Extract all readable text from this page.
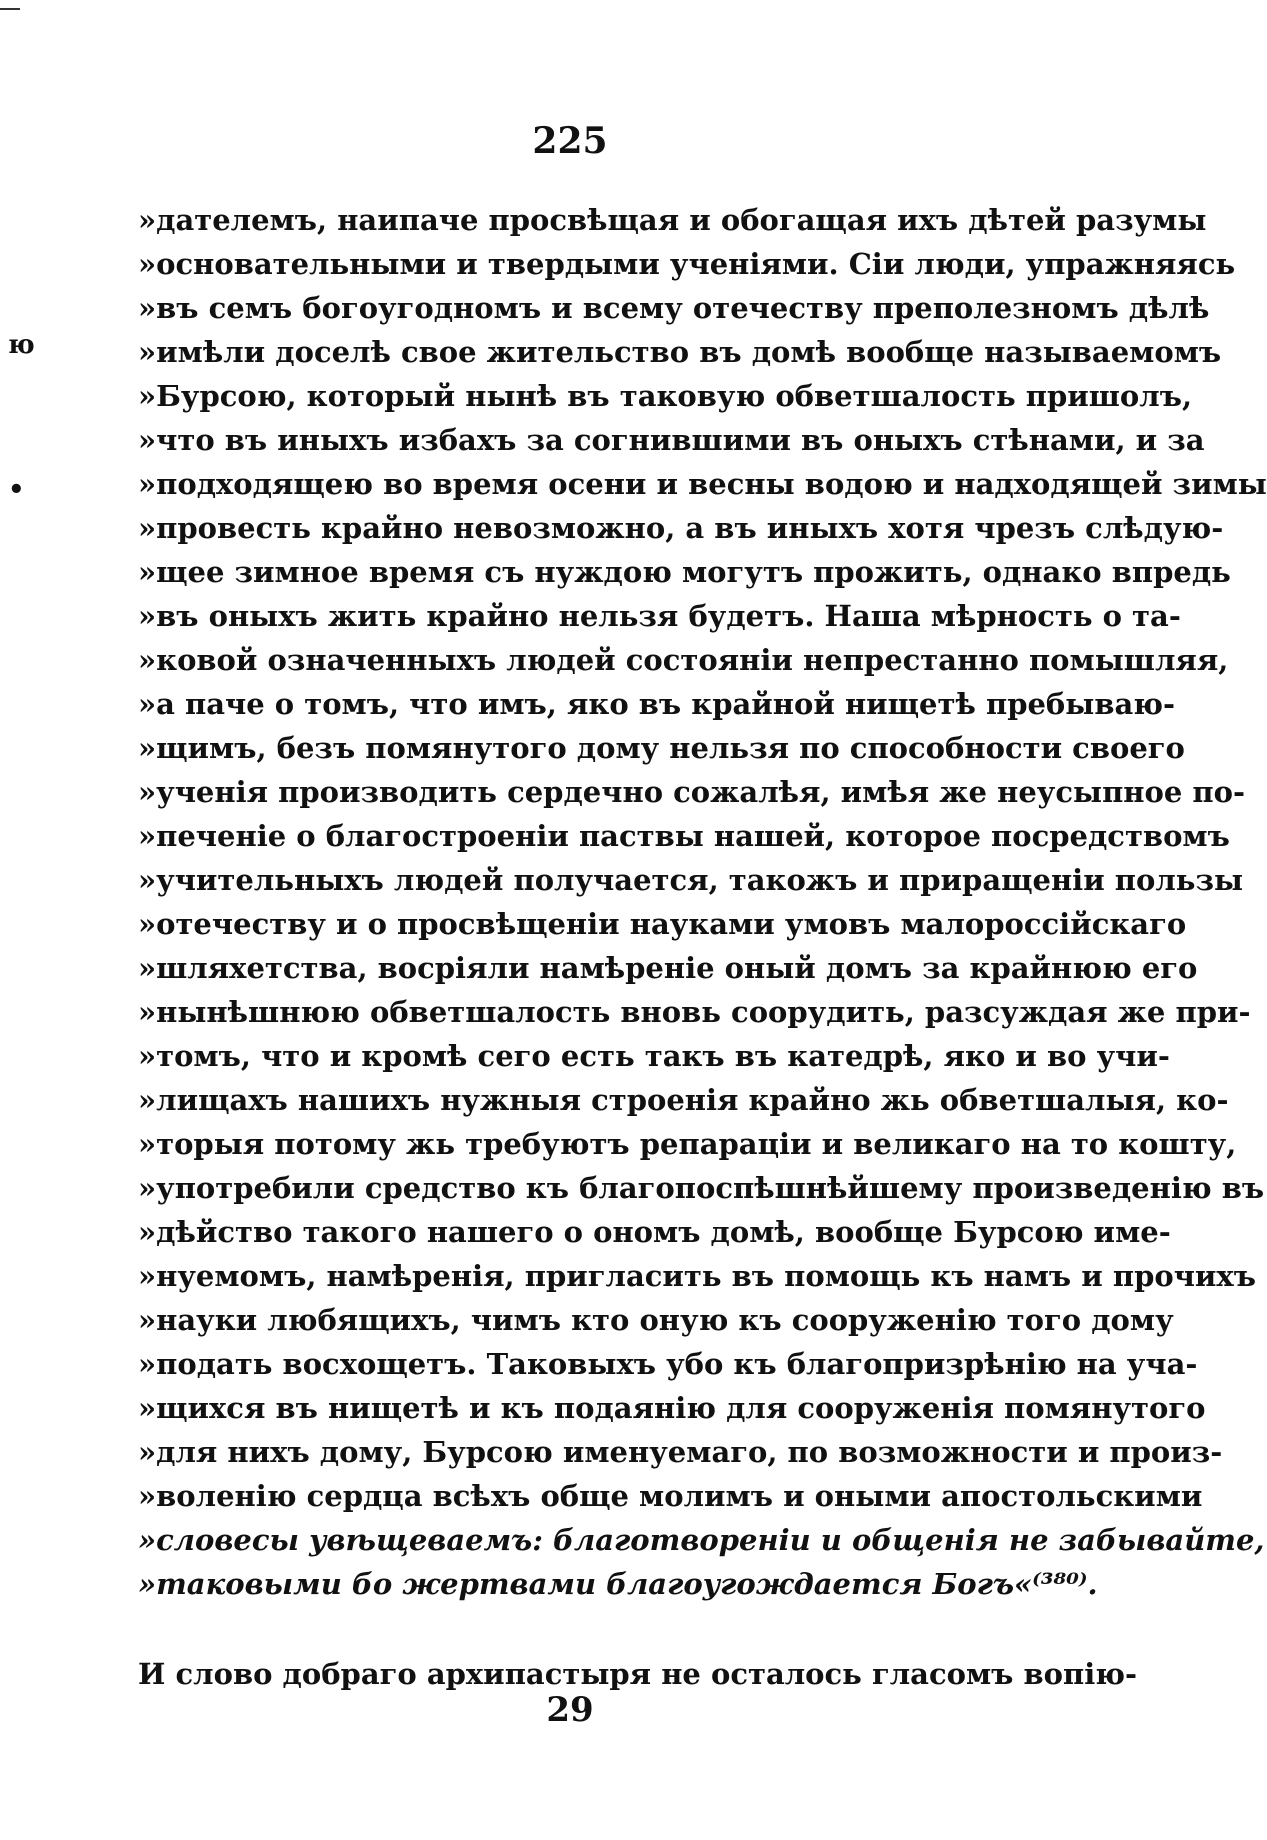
225
ю
•
»дателемъ, наипаче просвѣщая и обогащая ихъ дѣтей разумы
»основательными и твердыми ученіями. Сіи люди, упражняясь
»въ семъ богоугодномъ и всему отечеству преполезномъ дѣлѣ
»имѣли доселѣ свое жительство въ домѣ вообще называемомъ
»Бурсою, который нынѣ въ таковую обветшалость пришолъ,
»что въ иныхъ избахъ за согнившими въ оныхъ стѣнами, и за
»подходящею во время осени и весны водою и надходящей зимы
»провесть крайно невозможно, а въ иныхъ хотя чрезъ слѣдую-
»щее зимное время съ нуждою могутъ прожить, однако впредь
»въ оныхъ жить крайно нельзя будетъ. Наша мѣрность о та-
»ковой означенныхъ людей состояніи непрестанно помышляя,
»а паче о томъ, что имъ, яко въ крайной нищетѣ пребываю-
»щимъ, безъ помянутого дому нельзя по способности своего
»ученія производить сердечно сожалѣя, имѣя же неусыпное по-
»печеніе о благостроеніи паствы нашей, которое посредствомъ
»учительныхъ людей получается, такожъ и приращеніи пользы
»отечеству и о просвѣщеніи науками умовъ малороссійскаго
»шляхетства, восріяли намѣреніе оный домъ за крайнюю его
»нынѣшнюю обветшалость вновь соорудить, разсуждая же при-
»томъ, что и кромѣ сего есть такъ въ катедрѣ, яко и во учи-
»лищахъ нашихъ нужныя строенія крайно жь обветшалыя, ко-
»торыя потому жь требуютъ репараціи и великаго на то кошту,
»употребили средство къ благопоспѣшнѣйшему произведенію въ
»дѣйство такого нашего о ономъ домѣ, вообще Бурсою име-
»нуемомъ, намѣренія, пригласить въ помощь къ намъ и прочихъ
»науки любящихъ, чимъ кто оную къ сооруженію того дому
»подать восхощетъ. Таковыхъ убо къ благопризрѣнію на уча-
»щихся въ нищетѣ и къ подаянію для сооруженія помянутого
»для нихъ дому, Бурсою именуемаго, по возможности и произ-
»воленію сердца всѣхъ обще молимъ и оными апостольскими
»словесы увѣщеваемъ: благотвореніи и общенія не забывайте,
»таковыми бо жертвами благоугождается Богъ«⁽³⁸⁰⁾.
И слово добраго архипастыря не осталось гласомъ вопію-
29
